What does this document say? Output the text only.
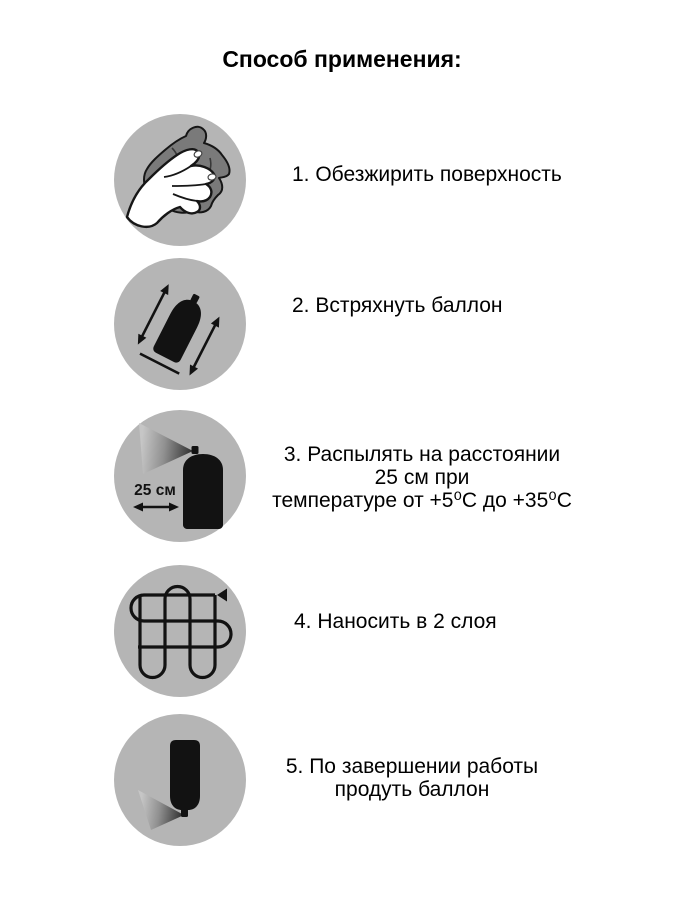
Способ применения:
1. Обезжирить поверхность
2. Встряхнуть баллон
25 см
3. Распылять на расстоянии
25 см при
температуре от +5⁰С до +35⁰С
4. Наносить в 2 слоя
5. По завершении работы
продуть баллон
